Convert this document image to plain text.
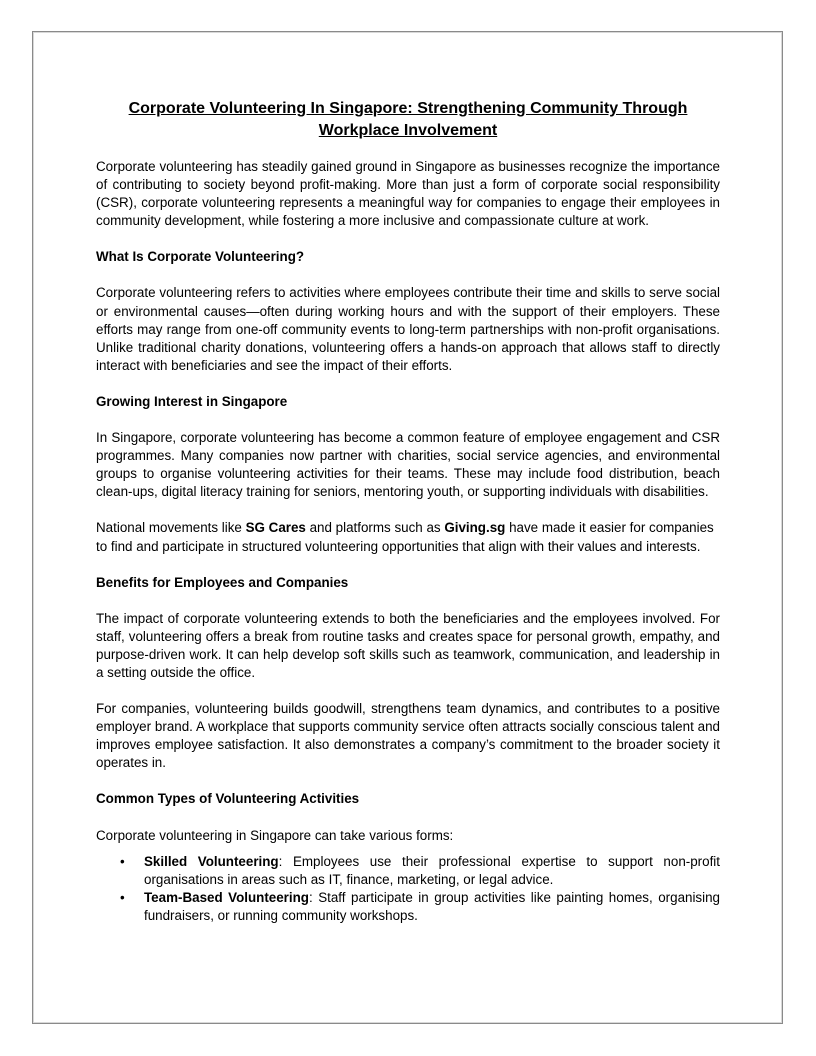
Corporate Volunteering In Singapore: Strengthening Community Through
Workplace Involvement

Corporate volunteering has steadily gained ground in Singapore as businesses recognize the importance of contributing to society beyond profit-making. More than just a form of corporate social responsibility (CSR), corporate volunteering represents a meaningful way for companies to engage their employees in community development, while fostering a more inclusive and compassionate culture at work.

What Is Corporate Volunteering?

Corporate volunteering refers to activities where employees contribute their time and skills to serve social or environmental causes—often during working hours and with the support of their employers. These efforts may range from one-off community events to long-term partnerships with non-profit organisations. Unlike traditional charity donations, volunteering offers a hands-on approach that allows staff to directly interact with beneficiaries and see the impact of their efforts.

Growing Interest in Singapore

In Singapore, corporate volunteering has become a common feature of employee engagement and CSR programmes. Many companies now partner with charities, social service agencies, and environmental groups to organise volunteering activities for their teams. These may include food distribution, beach clean-ups, digital literacy training for seniors, mentoring youth, or supporting individuals with disabilities.

National movements like SG Cares and platforms such as Giving.sg have made it easier for companies to find and participate in structured volunteering opportunities that align with their values and interests.

Benefits for Employees and Companies

The impact of corporate volunteering extends to both the beneficiaries and the employees involved. For staff, volunteering offers a break from routine tasks and creates space for personal growth, empathy, and purpose-driven work. It can help develop soft skills such as teamwork, communication, and leadership in a setting outside the office.

For companies, volunteering builds goodwill, strengthens team dynamics, and contributes to a positive employer brand. A workplace that supports community service often attracts socially conscious talent and improves employee satisfaction. It also demonstrates a company’s commitment to the broader society it operates in.

Common Types of Volunteering Activities

Corporate volunteering in Singapore can take various forms:

• Skilled Volunteering: Employees use their professional expertise to support non-profit organisations in areas such as IT, finance, marketing, or legal advice.
• Team-Based Volunteering: Staff participate in group activities like painting homes, organising fundraisers, or running community workshops.
